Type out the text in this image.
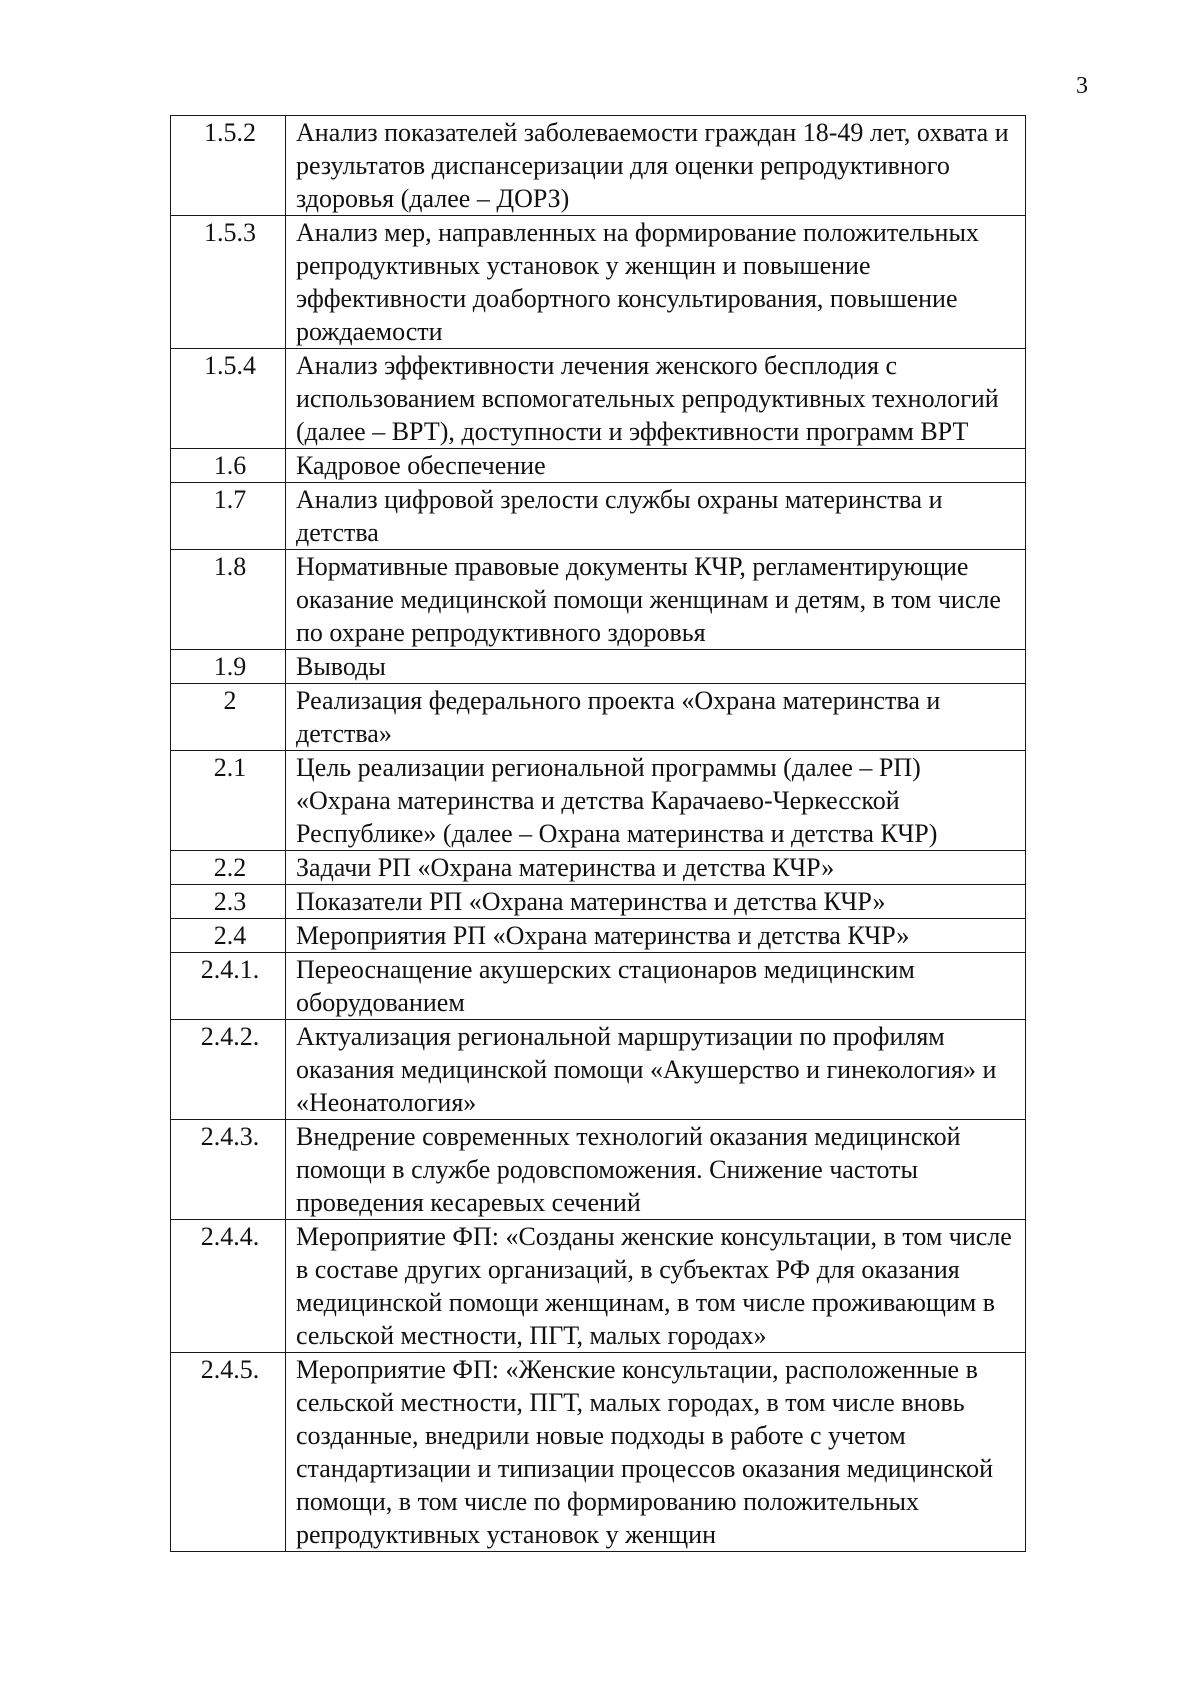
3
1.5.2	Анализ показателей заболеваемости граждан 18-49 лет, охвата и результатов диспансеризации для оценки репродуктивного здоровья (далее – ДОРЗ)
1.5.3	Анализ мер, направленных на формирование положительных репродуктивных установок у женщин и повышение эффективности доабортного консультирования, повышение рождаемости
1.5.4	Анализ эффективности лечения женского бесплодия с использованием вспомогательных репродуктивных технологий (далее – ВРТ), доступности и эффективности программ ВРТ
1.6	Кадровое обеспечение
1.7	Анализ цифровой зрелости службы охраны материнства и детства
1.8	Нормативные правовые документы КЧР, регламентирующие оказание медицинской помощи женщинам и детям, в том числе по охране репродуктивного здоровья
1.9	Выводы
2	Реализация федерального проекта «Охрана материнства и детства»
2.1	Цель реализации региональной программы (далее – РП) «Охрана материнства и детства Карачаево-Черкесской Республике» (далее – Охрана материнства и детства КЧР)
2.2	Задачи РП «Охрана материнства и детства КЧР»
2.3	Показатели РП «Охрана материнства и детства КЧР»
2.4	Мероприятия РП «Охрана материнства и детства КЧР»
2.4.1.	Переоснащение акушерских стационаров медицинским оборудованием
2.4.2.	Актуализация региональной маршрутизации по профилям оказания медицинской помощи «Акушерство и гинекология» и «Неонатология»
2.4.3.	Внедрение современных технологий оказания медицинской помощи в службе родовспоможения. Снижение частоты проведения кесаревых сечений
2.4.4.	Мероприятие ФП: «Созданы женские консультации, в том числе в составе других организаций, в субъектах РФ для оказания медицинской помощи женщинам, в том числе проживающим в сельской местности, ПГТ, малых городах»
2.4.5.	Мероприятие ФП: «Женские консультации, расположенные в сельской местности, ПГТ, малых городах, в том числе вновь созданные, внедрили новые подходы в работе с учетом стандартизации и типизации процессов оказания медицинской помощи, в том числе по формированию положительных репродуктивных установок у женщин
